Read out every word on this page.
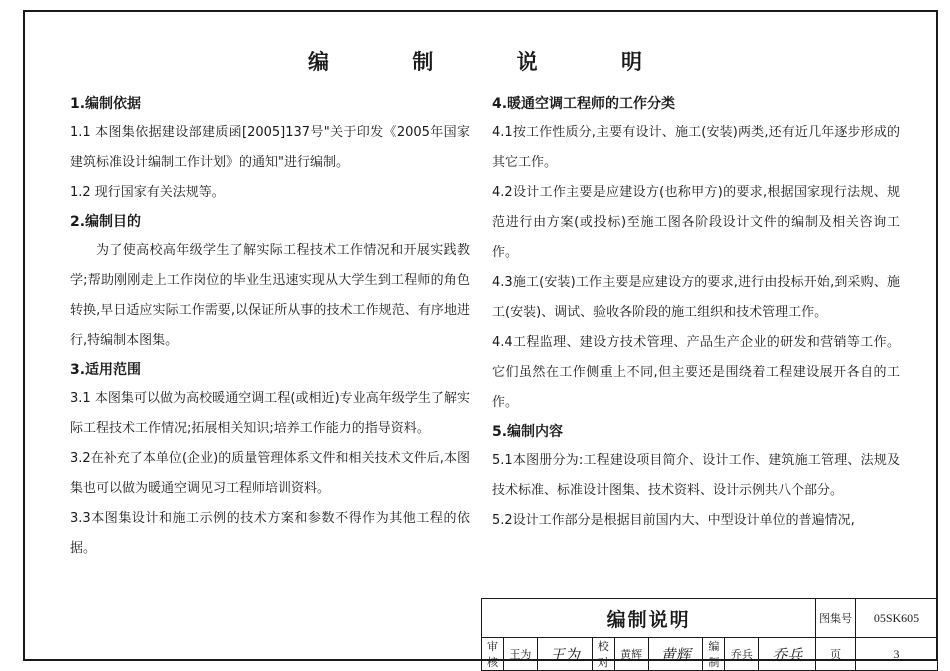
编 制 说 明
1.编制依据

1.1 本图集依据建设部建质函[2005]137号"关于印发《2005年国家建筑标准设计编制工作计划》的通知"进行编制。

1.2 现行国家有关法规等。

2.编制目的

为了使高校高年级学生了解实际工程技术工作情况和开展实践教学;帮助刚刚走上工作岗位的毕业生迅速实现从大学生到工程师的角色转换,早日适应实际工作需要,以保证所从事的技术工作规范、有序地进行,特编制本图集。

3.适用范围

3.1 本图集可以做为高校暖通空调工程(或相近)专业高年级学生了解实际工程技术工作情况;拓展相关知识;培养工作能力的指导资料。

3.2在补充了本单位(企业)的质量管理体系文件和相关技术文件后,本图集也可以做为暖通空调见习工程师培训资料。

3.3本图集设计和施工示例的技术方案和参数不得作为其他工程的依据。

4.暖通空调工程师的工作分类

4.1按工作性质分,主要有设计、施工(安装)两类,还有近几年逐步形成的其它工作。

4.2设计工作主要是应建设方(也称甲方)的要求,根据国家现行法规、规范进行由方案(或投标)至施工图各阶段设计文件的编制及相关咨询工作。

4.3施工(安装)工作主要是应建设方的要求,进行由投标开始,到采购、施工(安装)、调试、验收各阶段的施工组织和技术管理工作。

4.4工程监理、建设方技术管理、产品生产企业的研发和营销等工作。它们虽然在工作侧重上不同,但主要还是围绕着工程建设展开各自的工作。

5.编制内容

5.1本图册分为:工程建设项目简介、设计工作、建筑施工管理、法规及技术标准、标准设计图集、技术资料、设计示例共八个部分。

5.2设计工作部分是根据目前国内大、中型设计单位的普遍情况,

编制说明									图集号	05SK605
审核	王为	王为	校对	黄辉	黄辉	编制	乔兵	乔兵	页	3
